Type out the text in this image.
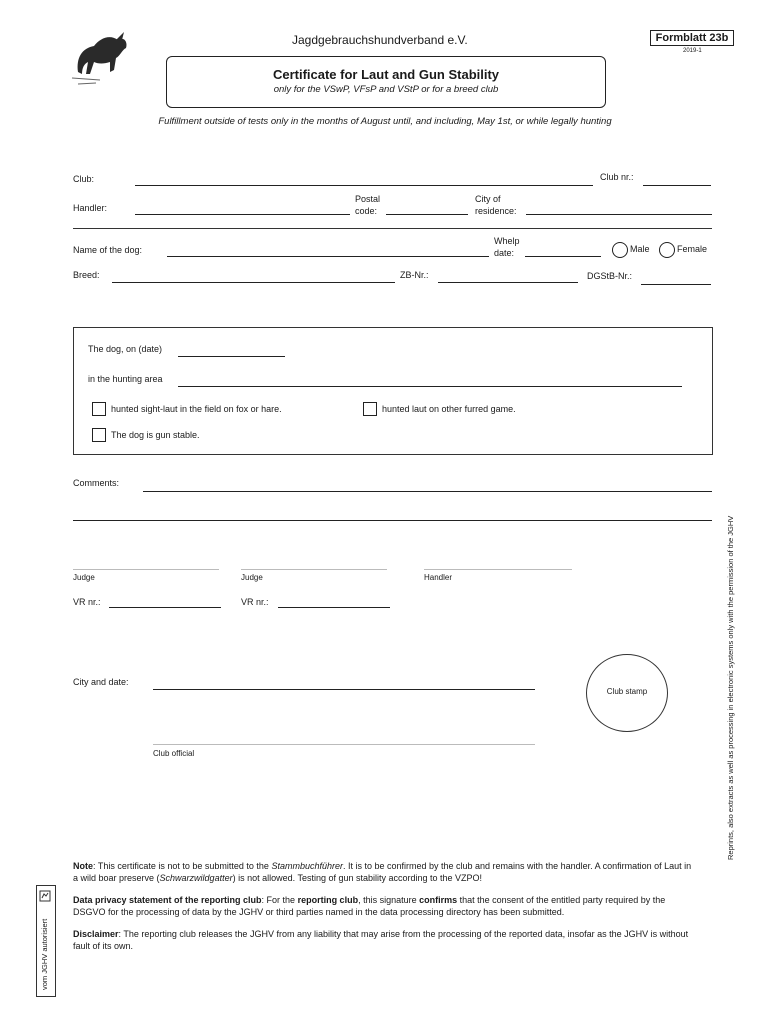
Jagdgebrauchshundverband e.V.	Formblatt 23b
2019-1
Certificate for Laut and Gun Stability
only for the VSwP, VFsP and VStP or for a breed club
Fulfillment outside of tests only in the months of August until, and including, May 1st, or while legally hunting
Club:	Club nr.:
Handler:
Postal
code:
City of
residence:
Name of the dog:
Whelp
date:	Male	Female
Breed:	ZB-Nr.:	DGStB-Nr.:
The dog, on (date)
in the hunting area
hunted sight-laut in the field on fox or hare.	hunted laut on other furred game.
The dog is gun stable.
Comments:
Judge	Judge	Handler
VR nr.:	VR nr.:
City and date:
Club stamp
Club official	Reprints, also extracts as well as processing in electronic systems only with the permission of the JGHV
vom JGHV autorisiert

Note: This certificate is not to be submitted to the Stammbuchführer. It is to be confirmed by the club and remains with the handler. A confirmation of Laut in a wild boar preserve (Schwarzwildgatter) is not allowed. Testing of gun stability according to the VZPO!

Data privacy statement of the reporting club: For the reporting club, this signature confirms that the consent of the entitled party required by the DSGVO for the processing of data by the JGHV or third parties named in the data processing directory has been submitted.

Disclaimer: The reporting club releases the JGHV from any liability that may arise from the processing of the reported data, insofar as the JGHV is without fault of its own.
